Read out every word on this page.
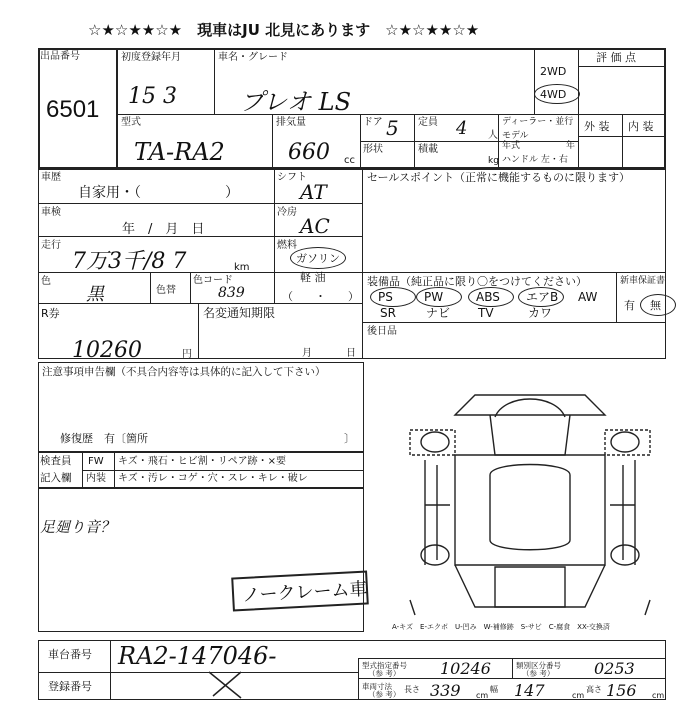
☆★☆★★☆★　現車はJU 北見にあります　☆★☆★★☆★
出品番号
6501
初度登録年月
15 3
車名・グレード
プレオ LS
2WD
4WD
評 価 点
外 装 内 装
型式
TA-RA2
排気量
660 cc
ドア 5 定員 4 人
ディーラー・並行
モデル
年式	年
形状	積載
kg ハンドル 左・右
車歴
自家用・（　　　　　　）
シフト
AT
セールスポイント（正常に機能するものに限ります）
車検
年　/　月　日
冷房
AC
走行
7万3千/8 7	km
燃料
ガソリン
軽 油
（　　・　　）
色
黒	色替
色コード
839
装備品（純正品に限り〇をつけてください）	新車保証書
有 無
PS	PW	ABS エアB AW
SR	ナビ TV	カワ
R券
10260	円
名変通知期限
月	日
後日品
注意事項申告欄（不具合内容等は具体的に記入して下さい）
修復歴　有〔箇所	〕
検査員
記入欄
FW キズ・飛石・ヒビ割・リペア跡・×要
内装 キズ・汚レ・コゲ・穴・スレ・キレ・破レ
足廻り音？
ノークレーム車
A-キズ　E-エクボ　U-凹み　W-補修跡　S-サビ　C-腐食　XX-交換済
車台番号 RA2-147046-
登録番号
型式指定番号
（参 考） 10246	類別区分番号
（参 考） 0253
車両寸法
（参 考）
長さ 339 cm
幅 147	cm
高さ 156 cm
